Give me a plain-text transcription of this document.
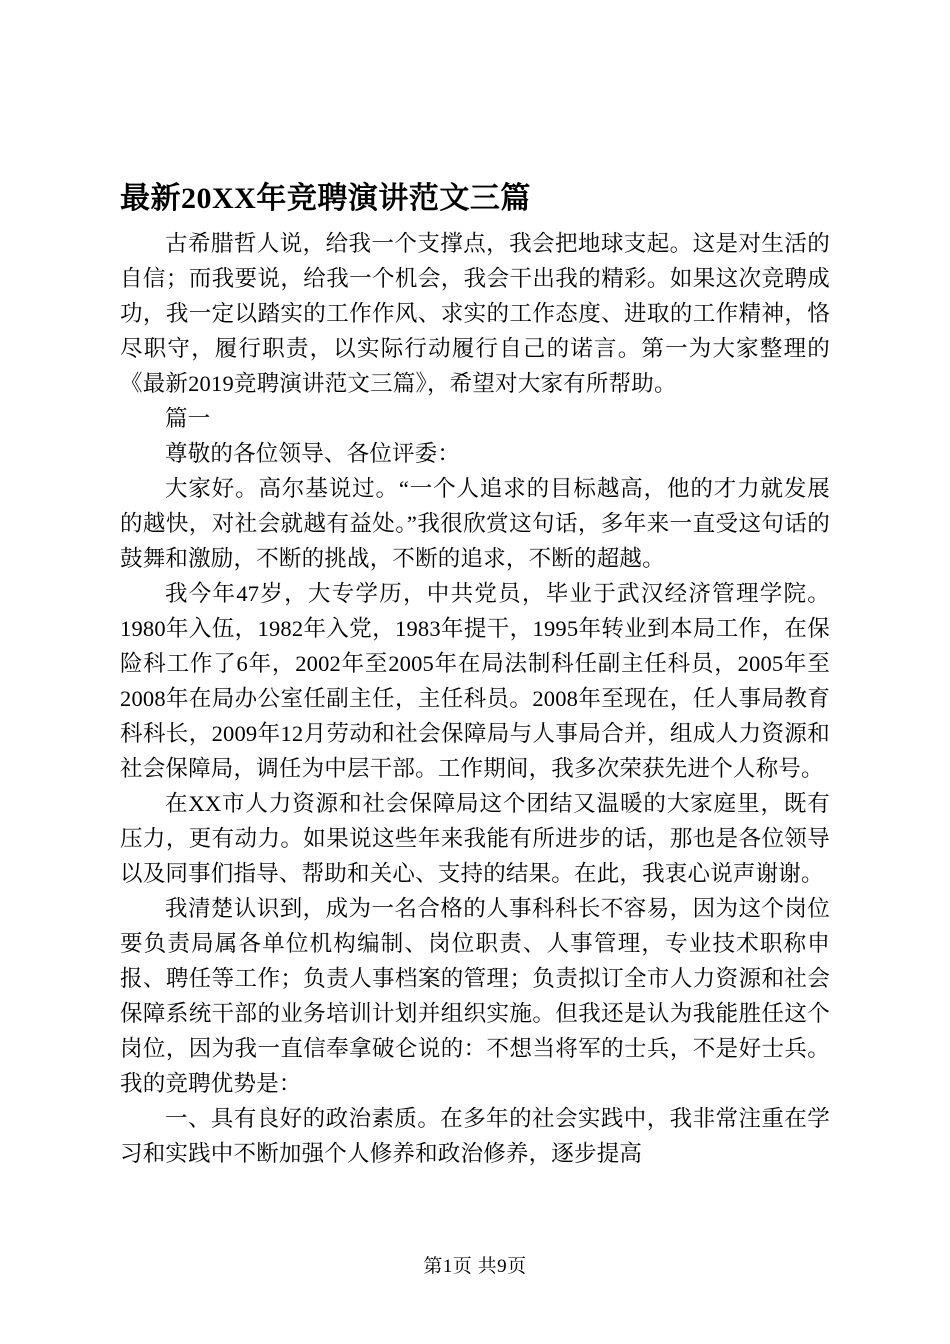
最新20XX年竞聘演讲范文三篇

古希腊哲人说，给我一个支撑点，我会把地球支起。这是对生活的自信；而我要说，给我一个机会，我会干出我的精彩。如果这次竞聘成功，我一定以踏实的工作作风、求实的工作态度、进取的工作精神，恪尽职守，履行职责，以实际行动履行自己的诺言。第一为大家整理的《最新2019竞聘演讲范文三篇》，希望对大家有所帮助。

篇一

尊敬的各位领导、各位评委：

大家好。高尔基说过。“一个人追求的目标越高，他的才力就发展的越快，对社会就越有益处。”我很欣赏这句话，多年来一直受这句话的鼓舞和激励，不断的挑战，不断的追求，不断的超越。

我今年47岁，大专学历，中共党员，毕业于武汉经济管理学院。1980年入伍，1982年入党，1983年提干，1995年转业到本局工作，在保险科工作了6年，2002年至2005年在局法制科任副主任科员，2005年至2008年在局办公室任副主任，主任科员。2008年至现在，任人事局教育科科长，2009年12月劳动和社会保障局与人事局合并，组成人力资源和社会保障局，调任为中层干部。工作期间，我多次荣获先进个人称号。

在XX市人力资源和社会保障局这个团结又温暖的大家庭里，既有压力，更有动力。如果说这些年来我能有所进步的话，那也是各位领导以及同事们指导、帮助和关心、支持的结果。在此，我衷心说声谢谢。

我清楚认识到，成为一名合格的人事科科长不容易，因为这个岗位要负责局属各单位机构编制、岗位职责、人事管理，专业技术职称申报、聘任等工作；负责人事档案的管理；负责拟订全市人力资源和社会保障系统干部的业务培训计划并组织实施。但我还是认为我能胜任这个岗位，因为我一直信奉拿破仑说的：不想当将军的士兵，不是好士兵。我的竞聘优势是：

一、具有良好的政治素质。在多年的社会实践中，我非常注重在学习和实践中不断加强个人修养和政治修养，逐步提高

第1页 共9页
